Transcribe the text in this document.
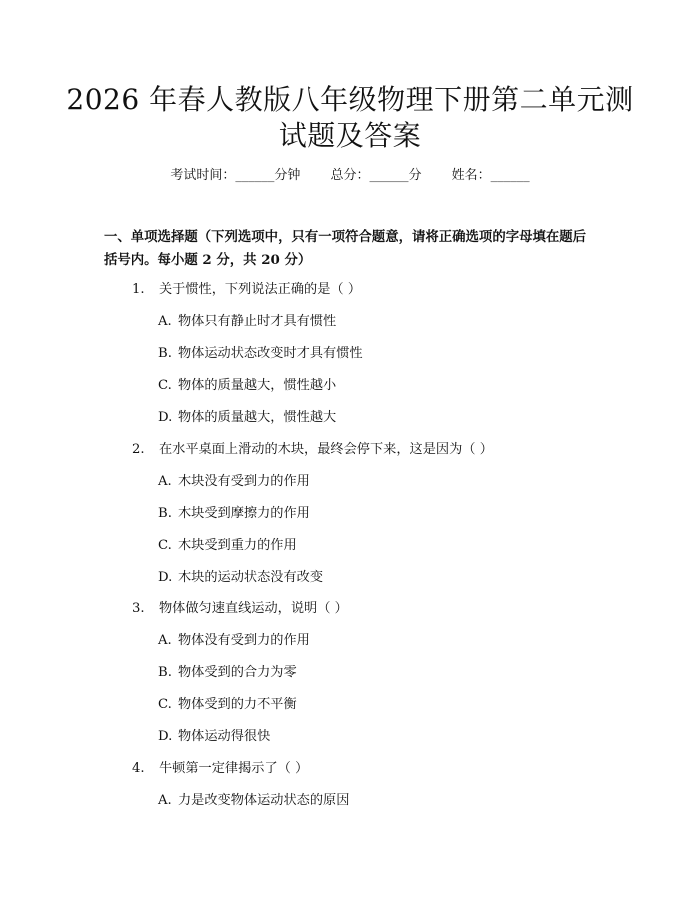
2026 年春人教版八年级物理下册第二单元测
试题及答案
考试时间：______分钟 总分：______分 姓名：______

一、单项选择题（下列选项中，只有一项符合题意，请将正确选项的字母填在题后括号内。每小题 2 分，共 20 分）

1. 关于惯性，下列说法正确的是（ ）
A. 物体只有静止时才具有惯性
B. 物体运动状态改变时才具有惯性
C. 物体的质量越大，惯性越小
D. 物体的质量越大，惯性越大
2. 在水平桌面上滑动的木块，最终会停下来，这是因为（ ）
A. 木块没有受到力的作用
B. 木块受到摩擦力的作用
C. 木块受到重力的作用
D. 木块的运动状态没有改变
3. 物体做匀速直线运动，说明（ ）
A. 物体没有受到力的作用
B. 物体受到的合力为零
C. 物体受到的力不平衡
D. 物体运动得很快
4. 牛顿第一定律揭示了（ ）
A. 力是改变物体运动状态的原因
